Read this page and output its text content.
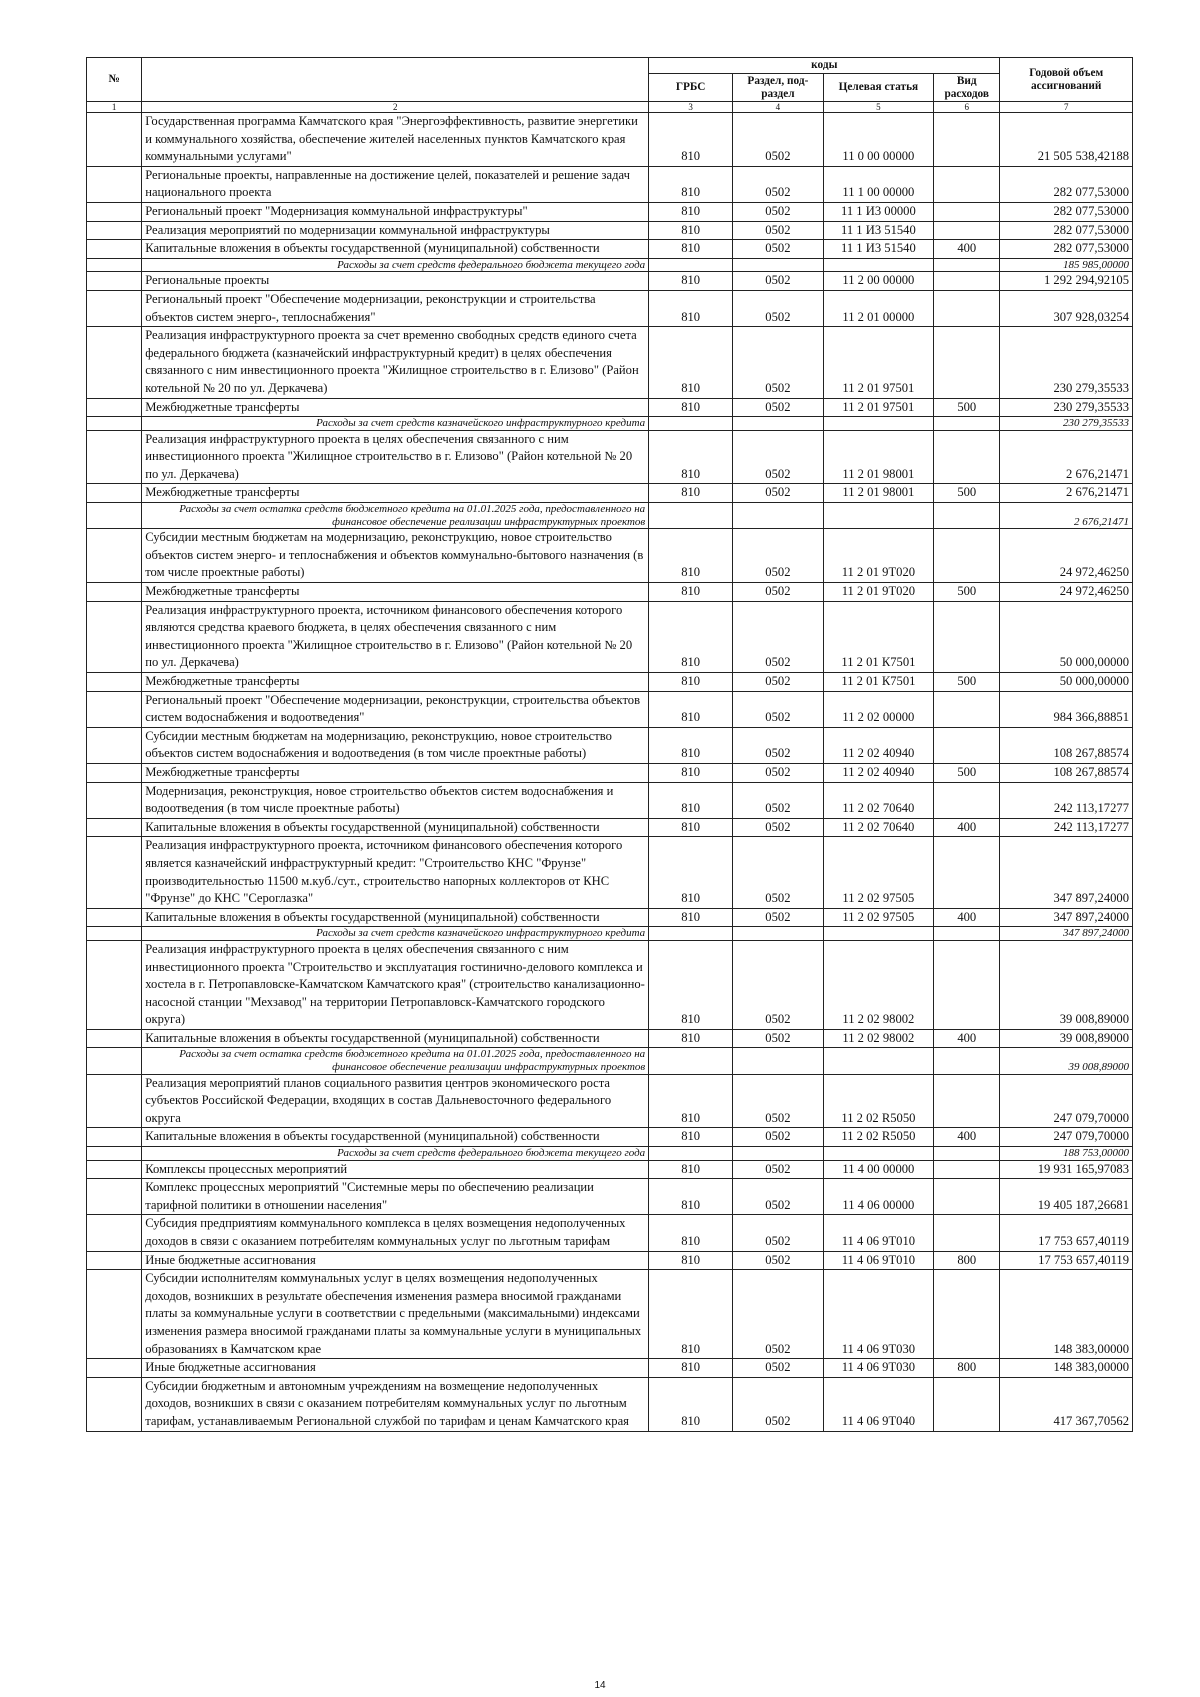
№		коды				Годовой объем ассигнований
		ГРБС	Раздел, под-раздел	Целевая статья	Вид расходов	
1	2	3	4	5	6	7
	Государственная программа Камчатского края "Энергоэффективность, развитие энергетики и коммунального хозяйства, обеспечение жителей населенных пунктов Камчатского края коммунальными услугами"	810	0502	11 0 00 00000		21 505 538,42188
	Региональные проекты, направленные на достижение целей, показателей и решение задач национального проекта	810	0502	11 1 00 00000		282 077,53000
	Региональный проект "Модернизация коммунальной инфраструктуры"	810	0502	11 1 И3 00000		282 077,53000
	Реализация мероприятий по модернизации коммунальной инфраструктуры	810	0502	11 1 И3 51540		282 077,53000
	Капитальные вложения в объекты государственной (муниципальной) собственности	810	0502	11 1 И3 51540	400	282 077,53000
	Расходы за счет средств федерального бюджета текущего года					185 985,00000
	Региональные проекты	810	0502	11 2 00 00000		1 292 294,92105
	Региональный проект "Обеспечение модернизации, реконструкции и строительства объектов систем энерго-, теплоснабжения"	810	0502	11 2 01 00000		307 928,03254
	Реализация инфраструктурного проекта за счет временно свободных средств единого счета федерального бюджета (казначейский инфраструктурный кредит) в целях обеспечения связанного с ним инвестиционного проекта "Жилищное строительство в г. Елизово" (Район котельной № 20 по ул. Деркачева)	810	0502	11 2 01 97501		230 279,35533
	Межбюджетные трансферты	810	0502	11 2 01 97501	500	230 279,35533
	Расходы за счет средств казначейского инфраструктурного кредита					230 279,35533
	Реализация инфраструктурного проекта в целях обеспечения связанного с ним инвестиционного проекта "Жилищное строительство в г. Елизово" (Район котельной № 20 по ул. Деркачева)	810	0502	11 2 01 98001		2 676,21471
	Межбюджетные трансферты	810	0502	11 2 01 98001	500	2 676,21471
	Расходы за счет остатка средств бюджетного кредита на 01.01.2025 года, предоставленного на финансовое обеспечение реализации инфраструктурных проектов					2 676,21471
	Субсидии местным бюджетам на модернизацию, реконструкцию, новое строительство объектов систем энерго- и теплоснабжения и объектов коммунально-бытового назначения (в том числе проектные работы)	810	0502	11 2 01 9Т020		24 972,46250
	Межбюджетные трансферты	810	0502	11 2 01 9Т020	500	24 972,46250
	Реализация инфраструктурного проекта, источником финансового обеспечения которого являются средства краевого бюджета, в целях обеспечения связанного с ним инвестиционного проекта "Жилищное строительство в г. Елизово" (Район котельной № 20 по ул. Деркачева)	810	0502	11 2 01 К7501		50 000,00000
	Межбюджетные трансферты	810	0502	11 2 01 К7501	500	50 000,00000
	Региональный проект "Обеспечение модернизации, реконструкции, строительства объектов систем водоснабжения и водоотведения"	810	0502	11 2 02 00000		984 366,88851
	Субсидии местным бюджетам на модернизацию, реконструкцию, новое строительство объектов систем водоснабжения и водоотведения (в том числе проектные работы)	810	0502	11 2 02 40940		108 267,88574
	Межбюджетные трансферты	810	0502	11 2 02 40940	500	108 267,88574
	Модернизация, реконструкция, новое строительство объектов систем водоснабжения и водоотведения (в том числе проектные работы)	810	0502	11 2 02 70640		242 113,17277
	Капитальные вложения в объекты государственной (муниципальной) собственности	810	0502	11 2 02 70640	400	242 113,17277
	Реализация инфраструктурного проекта, источником финансового обеспечения которого является казначейский инфраструктурный кредит: "Строительство КНС "Фрунзе" производительностью 11500 м.куб./сут., строительство напорных коллекторов от КНС "Фрунзе" до КНС "Сероглазка"	810	0502	11 2 02 97505		347 897,24000
	Капитальные вложения в объекты государственной (муниципальной) собственности	810	0502	11 2 02 97505	400	347 897,24000
	Расходы за счет средств казначейского инфраструктурного кредита					347 897,24000
	Реализация инфраструктурного проекта в целях обеспечения связанного с ним инвестиционного проекта "Строительство и эксплуатация гостинично-делового комплекса и хостела в г. Петропавловске-Камчатском Камчатского края" (строительство канализационно-насосной станции "Мехзавод" на территории Петропавловск-Камчатского городского округа)	810	0502	11 2 02 98002		39 008,89000
	Капитальные вложения в объекты государственной (муниципальной) собственности	810	0502	11 2 02 98002	400	39 008,89000
	Расходы за счет остатка средств бюджетного кредита на 01.01.2025 года, предоставленного на финансовое обеспечение реализации инфраструктурных проектов					39 008,89000
	Реализация мероприятий планов социального развития центров экономического роста субъектов Российской Федерации, входящих в состав Дальневосточного федерального округа	810	0502	11 2 02 R5050		247 079,70000
	Капитальные вложения в объекты государственной (муниципальной) собственности	810	0502	11 2 02 R5050	400	247 079,70000
	Расходы за счет средств федерального бюджета текущего года					188 753,00000
	Комплексы процессных мероприятий	810	0502	11 4 00 00000		19 931 165,97083
	Комплекс процессных мероприятий "Системные меры по обеспечению реализации тарифной политики в отношении населения"	810	0502	11 4 06 00000		19 405 187,26681
	Субсидия предприятиям коммунального комплекса в целях возмещения недополученных доходов в связи с оказанием потребителям коммунальных услуг по льготным тарифам	810	0502	11 4 06 9Т010		17 753 657,40119
	Иные бюджетные ассигнования	810	0502	11 4 06 9Т010	800	17 753 657,40119
	Субсидии исполнителям коммунальных услуг в целях возмещения недополученных доходов, возникших в результате обеспечения изменения размера вносимой гражданами платы за коммунальные услуги в соответствии с предельными (максимальными) индексами изменения размера вносимой гражданами платы за коммунальные услуги в муниципальных образованиях в Камчатском крае	810	0502	11 4 06 9Т030		148 383,00000
	Иные бюджетные ассигнования	810	0502	11 4 06 9Т030	800	148 383,00000
	Субсидии бюджетным и автономным учреждениям на возмещение недополученных доходов, возникших в связи с оказанием потребителям коммунальных услуг по льготным тарифам, устанавливаемым Региональной службой по тарифам и ценам Камчатского края	810	0502	11 4 06 9Т040		417 367,70562
14
